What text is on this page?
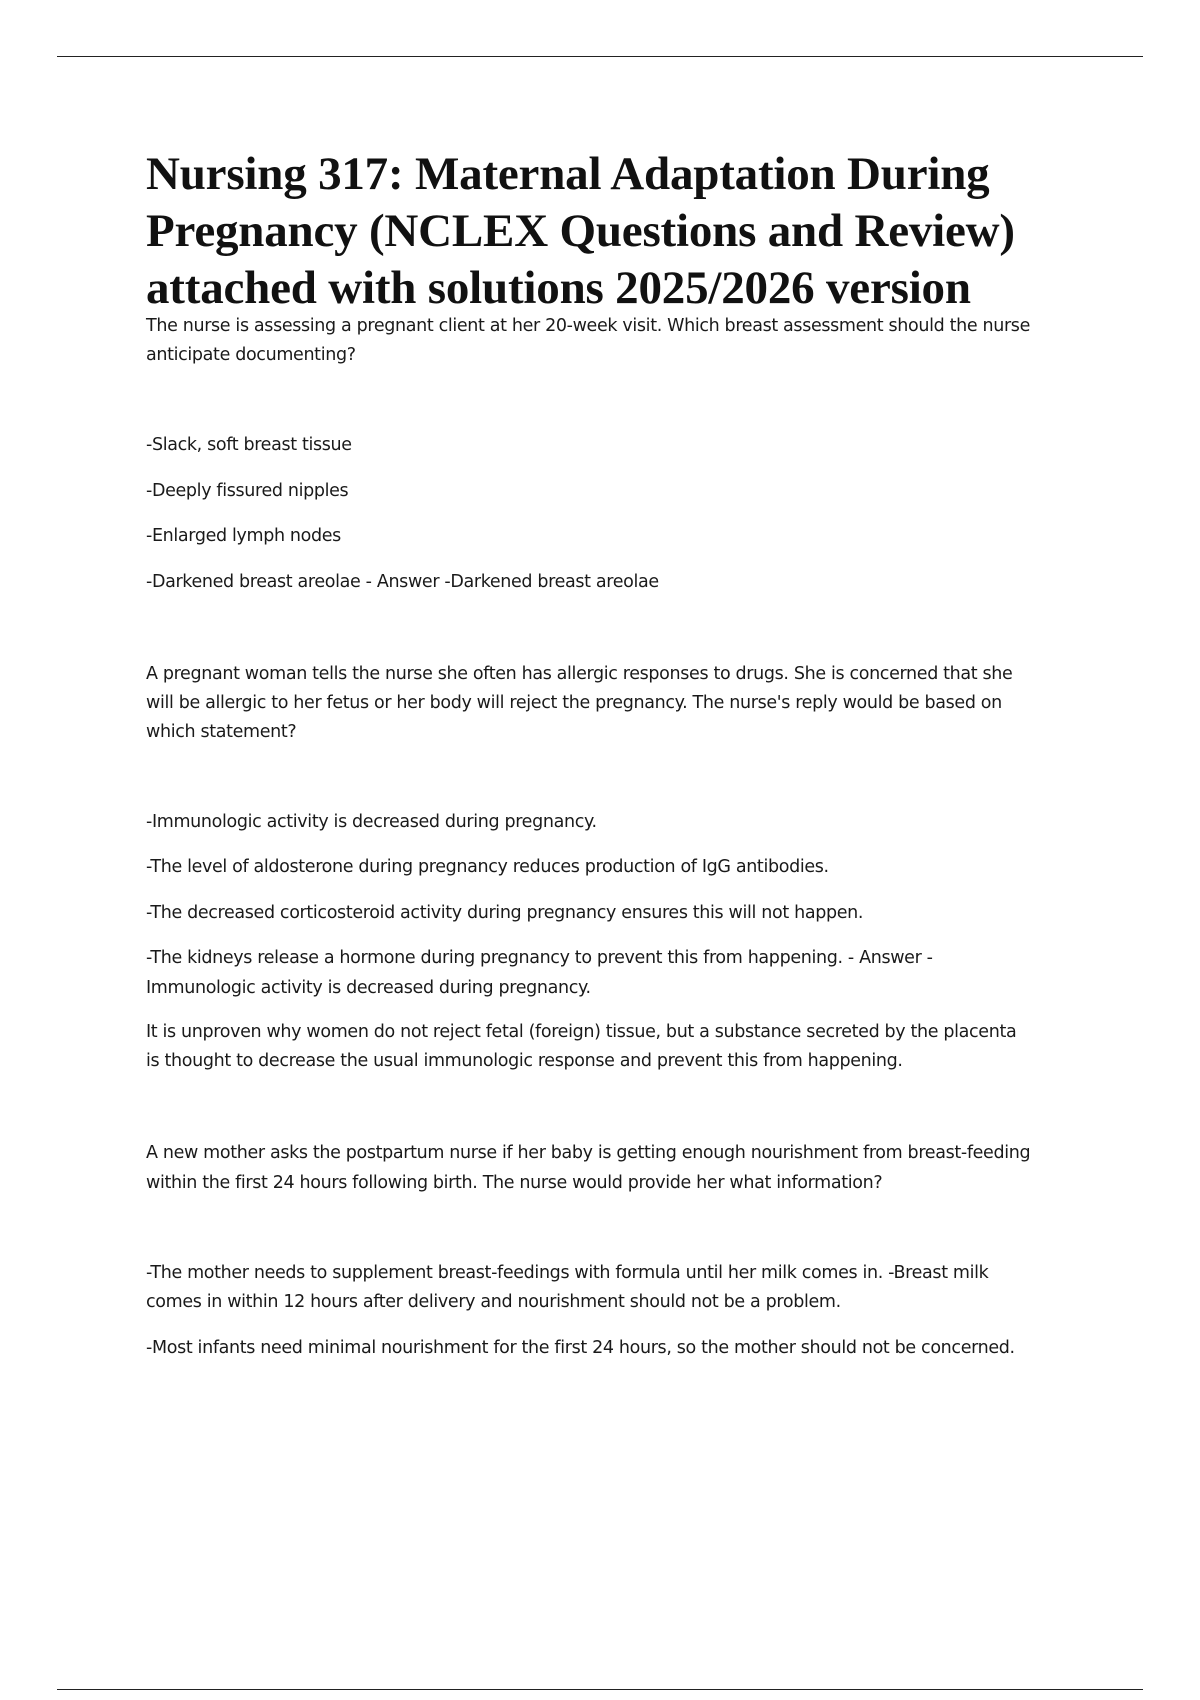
Nursing 317: Maternal Adaptation During
Pregnancy (NCLEX Questions and Review)
attached with solutions 2025/2026 version

The nurse is assessing a pregnant client at her 20-week visit. Which breast assessment should the nurse

anticipate documenting?

-Slack, soft breast tissue

-Deeply fissured nipples

-Enlarged lymph nodes

-Darkened breast areolae - Answer -Darkened breast areolae

A pregnant woman tells the nurse she often has allergic responses to drugs. She is concerned that she

will be allergic to her fetus or her body will reject the pregnancy. The nurse's reply would be based on

which statement?

-Immunologic activity is decreased during pregnancy.

-The level of aldosterone during pregnancy reduces production of IgG antibodies.

-The decreased corticosteroid activity during pregnancy ensures this will not happen.

-The kidneys release a hormone during pregnancy to prevent this from happening. - Answer -

Immunologic activity is decreased during pregnancy.

It is unproven why women do not reject fetal (foreign) tissue, but a substance secreted by the placenta

is thought to decrease the usual immunologic response and prevent this from happening.

A new mother asks the postpartum nurse if her baby is getting enough nourishment from breast-feeding

within the first 24 hours following birth. The nurse would provide her what information?

-The mother needs to supplement breast-feedings with formula until her milk comes in. -Breast milk

comes in within 12 hours after delivery and nourishment should not be a problem.

-Most infants need minimal nourishment for the first 24 hours, so the mother should not be concerned.
